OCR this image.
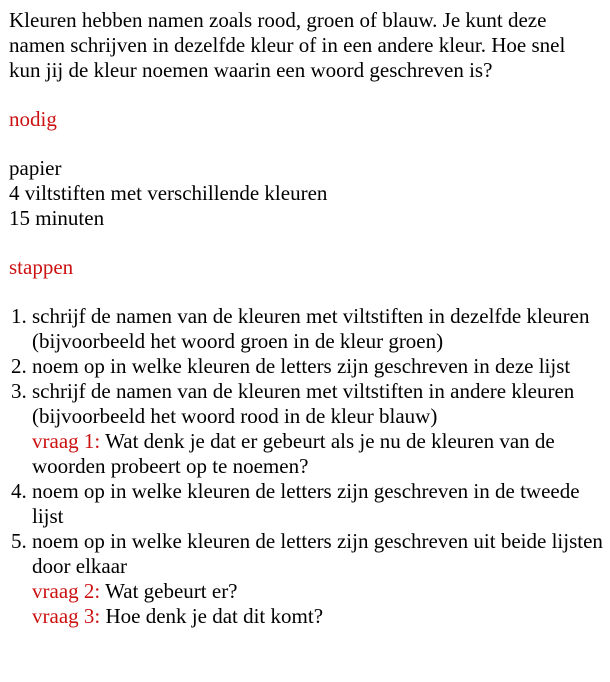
Kleuren hebben namen zoals rood, groen of blauw. Je kunt deze namen schrijven in dezelfde kleur of in een andere kleur. Hoe snel kun jij de kleur noemen waarin een woord geschreven is?

nodig

papier
4 viltstiften met verschillende kleuren
15 minuten

stappen

1. schrijf de namen van de kleuren met viltstiften in dezelfde kleuren (bijvoorbeeld het woord groen in de kleur groen)
2. noem op in welke kleuren de letters zijn geschreven in deze lijst
3. schrijf de namen van de kleuren met viltstiften in andere kleuren (bijvoorbeeld het woord rood in de kleur blauw)
vraag 1: Wat denk je dat er gebeurt als je nu de kleuren van de woorden probeert op te noemen?
4. noem op in welke kleuren de letters zijn geschreven in de tweede lijst
5. noem op in welke kleuren de letters zijn geschreven uit beide lijsten door elkaar
vraag 2: Wat gebeurt er?
vraag 3: Hoe denk je dat dit komt?
